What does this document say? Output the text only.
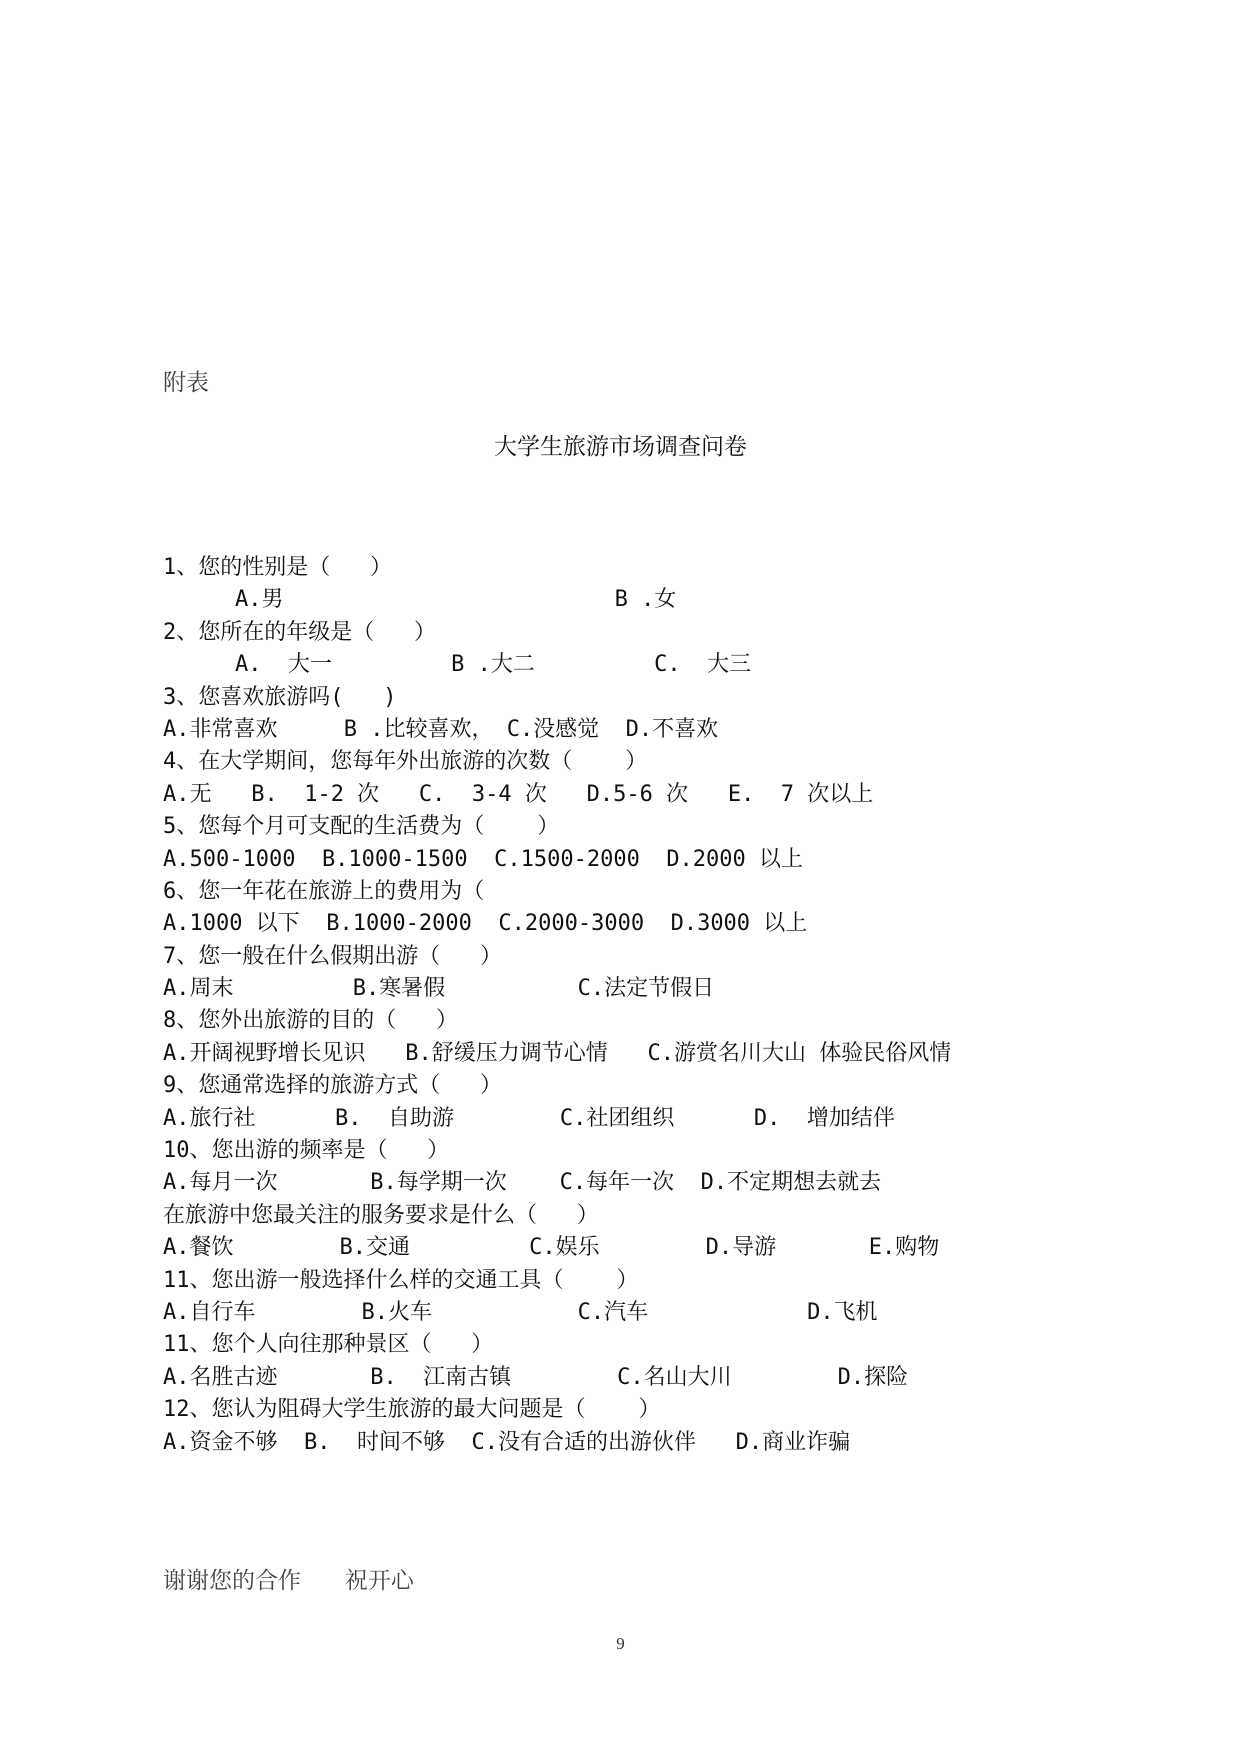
附表
大学生旅游市场调查问卷
1、您的性别是（   ）
A.男                         B .女
2、您所在的年级是（   ）
A.  大一         B .大二         C.  大三
3、您喜欢旅游吗(   )
A.非常喜欢     B .比较喜欢， C.没感觉  D.不喜欢
4、在大学期间，您每年外出旅游的次数（    ）
A.无   B.  1-2 次   C.  3-4 次   D.5-6 次   E.  7 次以上
5、您每个月可支配的生活费为（    ）
A.500-1000  B.1000-1500  C.1500-2000  D.2000 以上
6、您一年花在旅游上的费用为（
A.1000 以下  B.1000-2000  C.2000-3000  D.3000 以上
7、您一般在什么假期出游（   ）
A.周末         B.寒暑假          C.法定节假日
8、您外出旅游的目的（   ）
A.开阔视野增长见识   B.舒缓压力调节心情   C.游赏名川大山 体验民俗风情
9、您通常选择的旅游方式（   ）
A.旅行社      B.  自助游        C.社团组织      D.  增加结伴
10、您出游的频率是（   ）
A.每月一次       B.每学期一次    C.每年一次  D.不定期想去就去
在旅游中您最关注的服务要求是什么（   ）
A.餐饮        B.交通         C.娱乐        D.导游       E.购物
11、您出游一般选择什么样的交通工具（    ）
A.自行车        B.火车           C.汽车            D.飞机
11、您个人向往那种景区（   ）
A.名胜古迹       B.  江南古镇        C.名山大川        D.探险
12、您认为阻碍大学生旅游的最大问题是（    ）
A.资金不够  B.  时间不够  C.没有合适的出游伙伴   D.商业诈骗
谢谢您的合作      祝开心
9
